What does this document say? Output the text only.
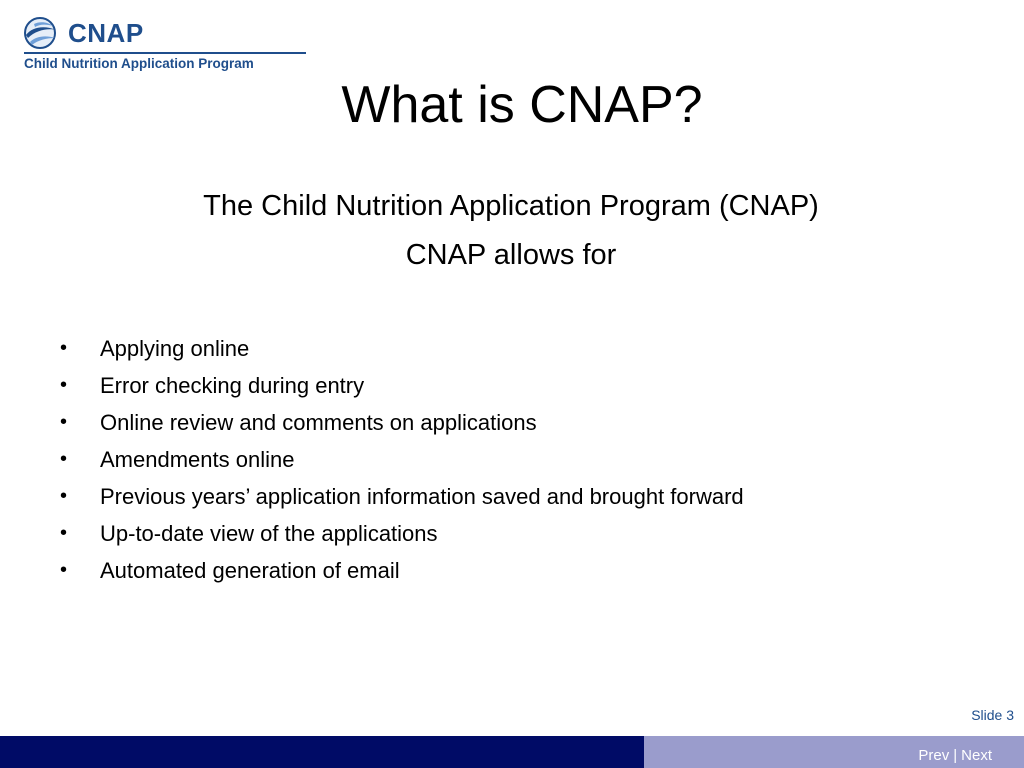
CNAP
Child Nutrition Application Program
What is CNAP?
The Child Nutrition Application Program (CNAP)
CNAP allows for
• Applying online
• Error checking during entry
• Online review and comments on applications
• Amendments online
• Previous years’ application information saved and brought forward
• Up-to-date view of the applications
• Automated generation of email
Slide 3
Prev | Next
